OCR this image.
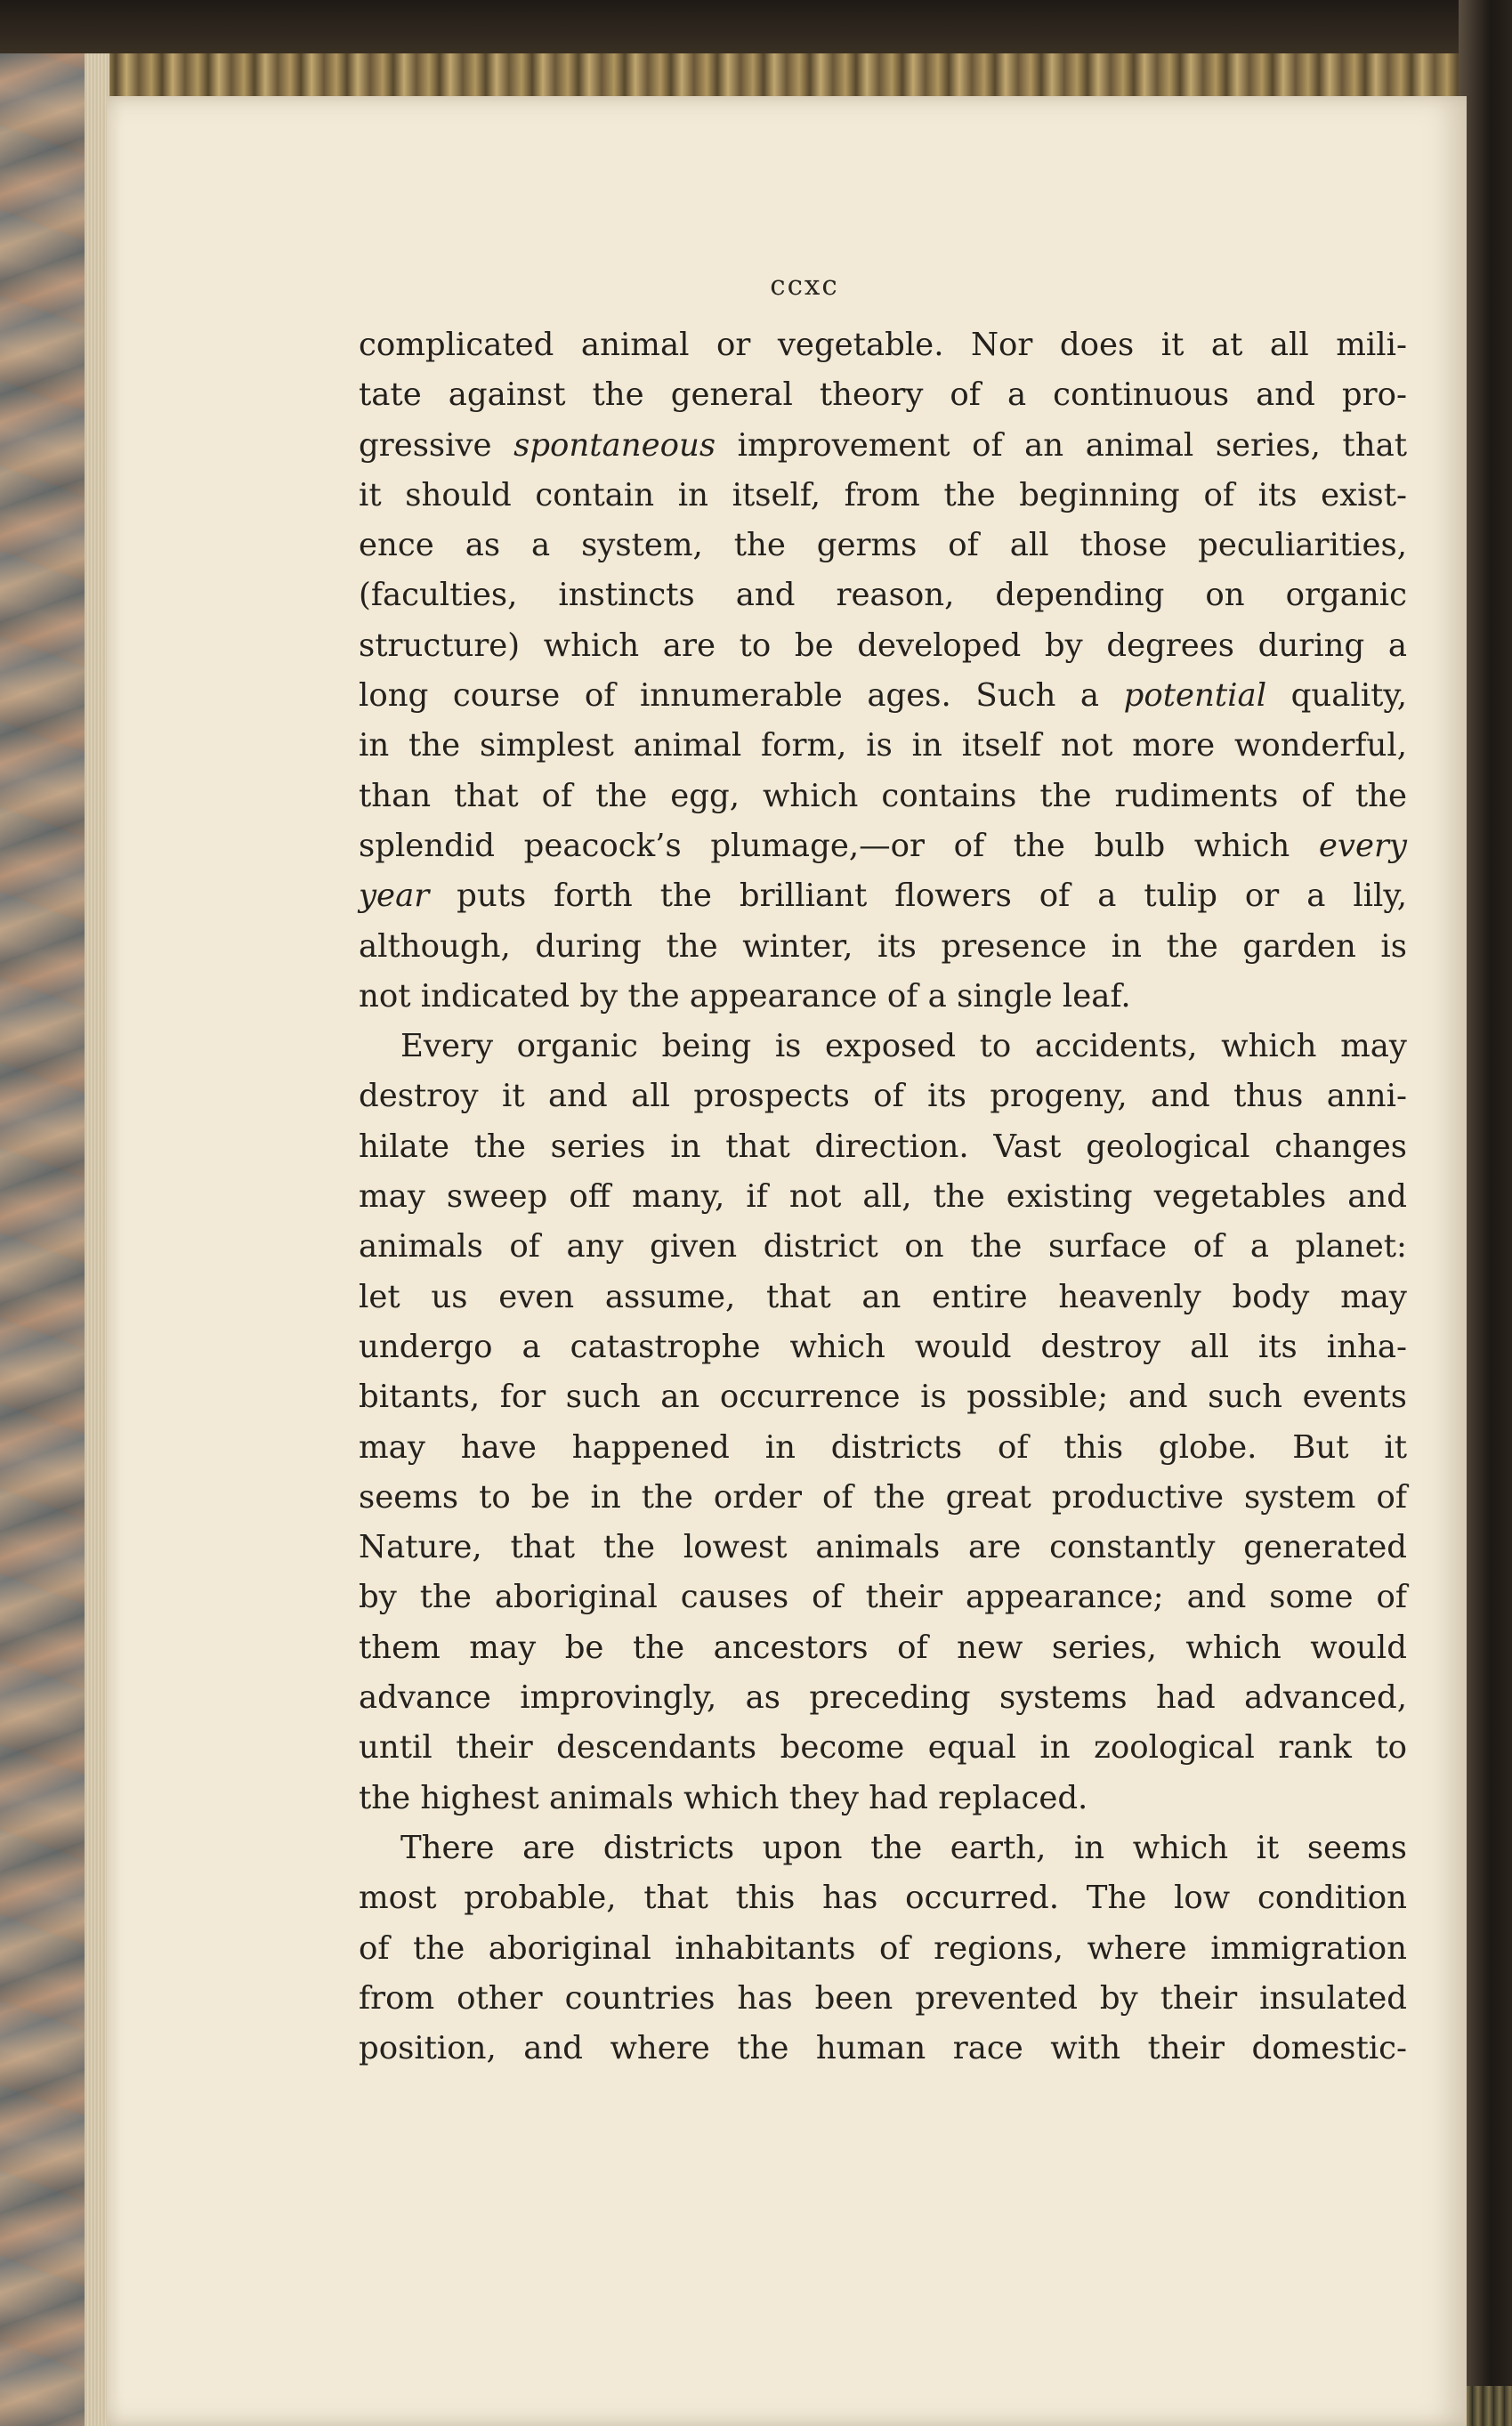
ccxc

complicated animal or vegetable. Nor does it at all mili-
tate against the general theory of a continuous and pro-
gressive spontaneous improvement of an animal series, that
it should contain in itself, from the beginning of its exist-
ence as a system, the germs of all those peculiarities,
(faculties, instincts and reason, depending on organic
structure) which are to be developed by degrees during a
long course of innumerable ages. Such a potential quality,
in the simplest animal form, is in itself not more wonderful,
than that of the egg, which contains the rudiments of the
splendid peacock’s plumage,—or of the bulb which every
year puts forth the brilliant flowers of a tulip or a lily,
although, during the winter, its presence in the garden is
not indicated by the appearance of a single leaf.
Every organic being is exposed to accidents, which may
destroy it and all prospects of its progeny, and thus anni-
hilate the series in that direction. Vast geological changes
may sweep off many, if not all, the existing vegetables and
animals of any given district on the surface of a planet:
let us even assume, that an entire heavenly body may
undergo a catastrophe which would destroy all its inha-
bitants, for such an occurrence is possible; and such events
may have happened in districts of this globe. But it
seems to be in the order of the great productive system of
Nature, that the lowest animals are constantly generated
by the aboriginal causes of their appearance; and some of
them may be the ancestors of new series, which would
advance improvingly, as preceding systems had advanced,
until their descendants become equal in zoological rank to
the highest animals which they had replaced.
There are districts upon the earth, in which it seems
most probable, that this has occurred. The low condition
of the aboriginal inhabitants of regions, where immigration
from other countries has been prevented by their insulated
position, and where the human race with their domestic-
